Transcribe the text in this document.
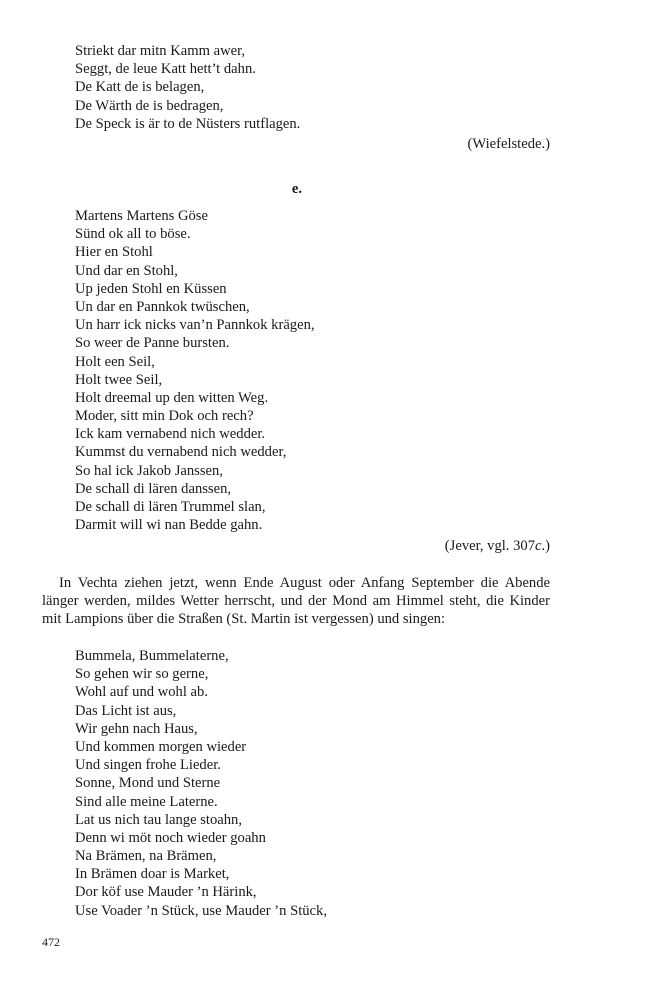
Striekt dar mitn Kamm awer,
Seggt, de leue Katt hett’t dahn.
De Katt de is belagen,
De Wärth de is bedragen,
De Speck is är to de Nüsters rutflagen.
(Wiefelstede.)
e.
Martens Martens Göse
Sünd ok all to böse.
Hier en Stohl
Und dar en Stohl,
Up jeden Stohl en Küssen
Un dar en Pannkok twüschen,
Un harr ick nicks van’n Pannkok krägen,
So weer de Panne bursten.
Holt een Seil,
Holt twee Seil,
Holt dreemal up den witten Weg.
Moder, sitt min Dok och rech?
Ick kam vernabend nich wedder.
Kummst du vernabend nich wedder,
So hal ick Jakob Janssen,
De schall di lären danssen,
De schall di lären Trummel slan,
Darmit will wi nan Bedde gahn.
(Jever, vgl. 307c.)

In Vechta ziehen jetzt, wenn Ende August oder Anfang September die Abende länger werden, mildes Wetter herrscht, und der Mond am Himmel steht, die Kinder mit Lampions über die Straßen (St. Martin ist vergessen) und singen:

Bummela, Bummelaterne,
So gehen wir so gerne,
Wohl auf und wohl ab.
Das Licht ist aus,
Wir gehn nach Haus,
Und kommen morgen wieder
Und singen frohe Lieder.
Sonne, Mond und Sterne
Sind alle meine Laterne.
Lat us nich tau lange stoahn,
Denn wi möt noch wieder goahn
Na Brämen, na Brämen,
In Brämen doar is Market,
Dor köf use Mauder ’n Härink,
Use Voader ’n Stück, use Mauder ’n Stück,
472
